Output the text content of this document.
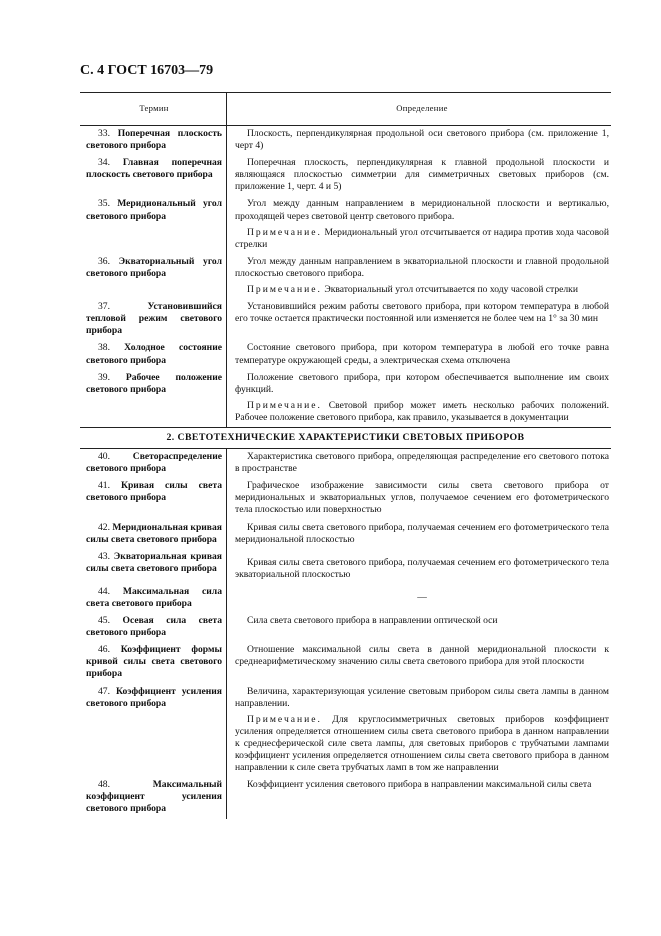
С. 4 ГОСТ 16703—79
Термин	Определение
33. Поперечная плоскость светового прибора
Плоскость, перпендикулярная продольной оси светового прибора (см. приложение 1, черт 4)
34. Главная поперечная плоскость светового прибора
Поперечная плоскость, перпендикулярная к главной продольной плоскости и являющаяся плоскостью симметрии для симметричных световых приборов (см. приложение 1, черт. 4 и 5)
35. Меридиональный угол светового прибора
Угол между данным направлением в меридиональной плоскости и вертикалью, проходящей через световой центр светового прибора.
Примечание. Меридиональный угол отсчитывается от надира против хода часовой стрелки
36. Экваториальный угол светового прибора
Угол между данным направлением в экваториальной плоскости и главной продольной плоскостью светового прибора.
Примечание. Экваториальный угол отсчитывается по ходу часовой стрелки
37.	Установившийся тепловой режим светового прибора
Установившийся режим работы светового прибора, при котором температура в любой его точке остается практически постоянной или изменяется не более чем на 1° за 30 мин
38. Холодное состояние светового прибора
Состояние светового прибора, при котором температура в любой его точке равна температуре окружающей среды, а электрическая схема отключена
39. Рабочее положение светового прибора
Положение светового прибора, при котором обеспечивается выполнение им своих функций.
Примечание. Световой прибор может иметь несколько рабочих положений. Рабочее положение светового прибора, как правило, указывается в документации
2. СВЕТОТЕХНИЧЕСКИЕ ХАРАКТЕРИСТИКИ СВЕТОВЫХ ПРИБОРОВ
40. Светораспределение светового прибора
Характеристика светового прибора, определяющая распределение его светового потока в пространстве
41. Кривая силы света светового прибора
Графическое изображение зависимости силы света светового прибора от меридиональных и экваториальных углов, получаемое сечением его фотометрического тела плоскостью или поверхностью
42. Меридиональная кривая силы света светового прибора
Кривая силы света светового прибора, получаемая сечением его фотометрического тела меридиональной плоскостью
43. Экваториальная кривая силы света светового прибора
Кривая силы света светового прибора, получаемая сечением его фотометрического тела экваториальной плоскостью
44. Максимальная сила света светового прибора
—
45. Осевая сила света светового прибора
Сила света светового прибора в направлении оптической оси
46. Коэффициент формы кривой силы света светового прибора
Отношение максимальной силы света в данной меридиональной плоскости к среднеарифметическому значению силы света светового прибора для этой плоскости
47. Коэффициент усиления светового прибора
Величина, характеризующая усиление световым прибором силы света лампы в данном направлении.
Примечание. Для круглосимметричных световых приборов коэффициент усиления определяется отношением силы света светового прибора в данном направлении к среднесферической силе света лампы, для световых приборов с трубчатыми лампами коэффициент усиления определяется отношением силы света светового прибора в данном направлении к силе света трубчатых ламп в том же направлении
48.	Максимальный коэффициент усиления светового прибора
Коэффициент усиления светового прибора в направлении максимальной силы света
